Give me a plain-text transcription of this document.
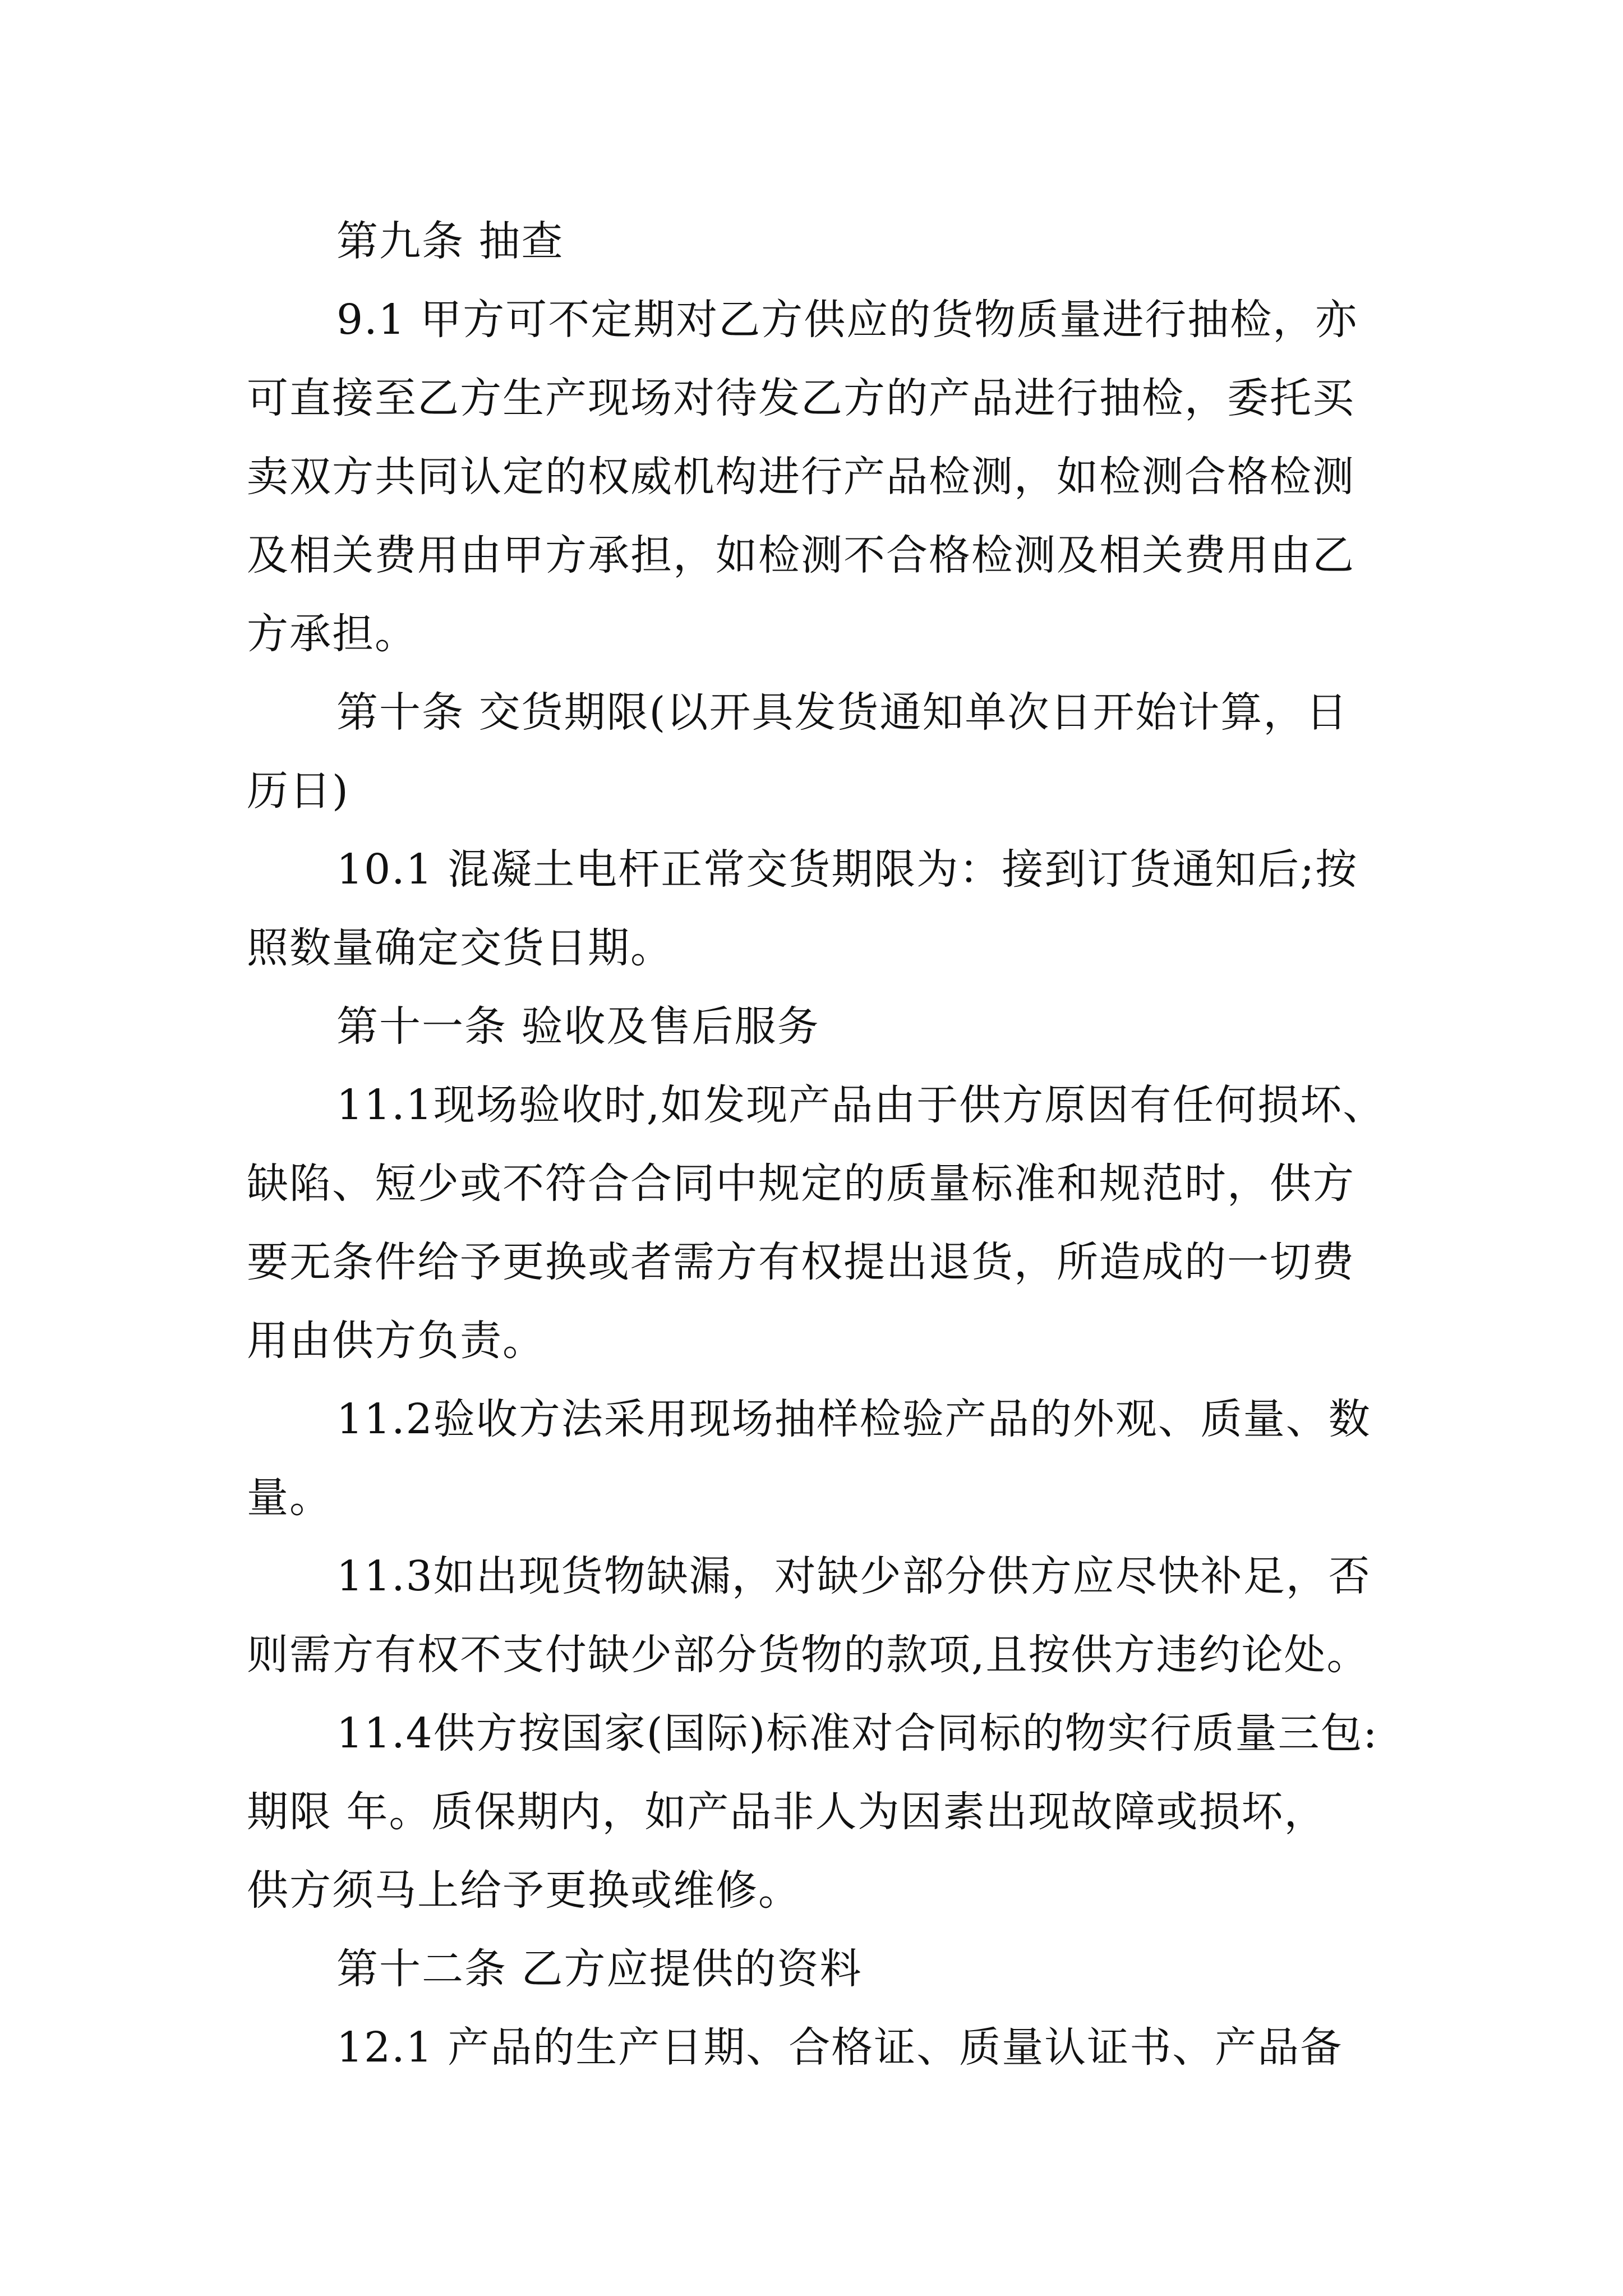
第九条 抽查
9.1 甲方可不定期对乙方供应的货物质量进行抽检，亦
可直接至乙方生产现场对待发乙方的产品进行抽检，委托买
卖双方共同认定的权威机构进行产品检测，如检测合格检测
及相关费用由甲方承担，如检测不合格检测及相关费用由乙
方承担。
第十条 交货期限(以开具发货通知单次日开始计算，日
历日)
10.1 混凝土电杆正常交货期限为：接到订货通知后;按
照数量确定交货日期。
第十一条 验收及售后服务
11.1现场验收时,如发现产品由于供方原因有任何损坏、
缺陷、短少或不符合合同中规定的质量标准和规范时，供方
要无条件给予更换或者需方有权提出退货，所造成的一切费
用由供方负责。
11.2验收方法采用现场抽样检验产品的外观、质量、数
量。
11.3如出现货物缺漏，对缺少部分供方应尽快补足，否
则需方有权不支付缺少部分货物的款项,且按供方违约论处。
11.4供方按国家(国际)标准对合同标的物实行质量三包:
期限 年。质保期内，如产品非人为因素出现故障或损坏，
供方须马上给予更换或维修。
第十二条 乙方应提供的资料
12.1 产品的生产日期、合格证、质量认证书、产品备
